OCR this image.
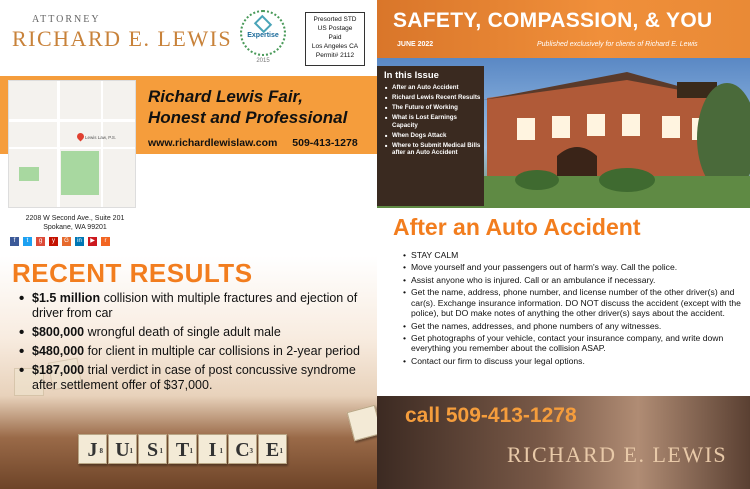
ATTORNEY
RICHARD E. LEWIS	Expertise
2015
Presorted STD
US Postage
Paid
Los Angeles CA
Permit# 2112
Lewis Law, P.S.
Richard Lewis Fair,
Honest and Professional
www.richardlewislaw.com 509-413-1278
2208 W Second Ave., Suite 201
Spokane, WA 99201
f	t	g	y	G	in	▶	r
RECENT RESULTS
• $1.5 million collision with multiple fractures and ejection of driver from car
• $800,000 wrongful death of single adult male
• $480,000 for client in multiple car collisions in 2-year period
• $187,000 trial verdict in case of post concussive syndrome after settlement offer of $37,000.
J 8 U 1 S 1 T 1 I 1 C 3 E 1
SAFETY, COMPASSION, & YOU
JUNE 2022	Published exclusively for clients of Richard E. Lewis
In this Issue
■ After an Auto Accident
■ Richard Lewis Recent Results
■ The Future of Working
■ What is Lost Earnings Capacity
■ When Dogs Attack
■ Where to Submit Medical Bills after an Auto Accident
After an Auto Accident
• STAY CALM
• Move yourself and your passengers out of harm's way. Call the police.
• Assist anyone who is injured. Call or an ambulance if necessary.
• Get the name, address, phone number, and license number of the other driver(s) and car(s). Exchange insurance information. DO NOT discuss the accident (except with the police), but DO make notes of anything the other driver(s) says about the accident.
• Get the names, addresses, and phone numbers of any witnesses.
• Get photographs of your vehicle, contact your insurance company, and write down everything you remember about the collision ASAP.
• Contact our firm to discuss your legal options.
call 509-413-1278
RICHARD E. LEWIS
